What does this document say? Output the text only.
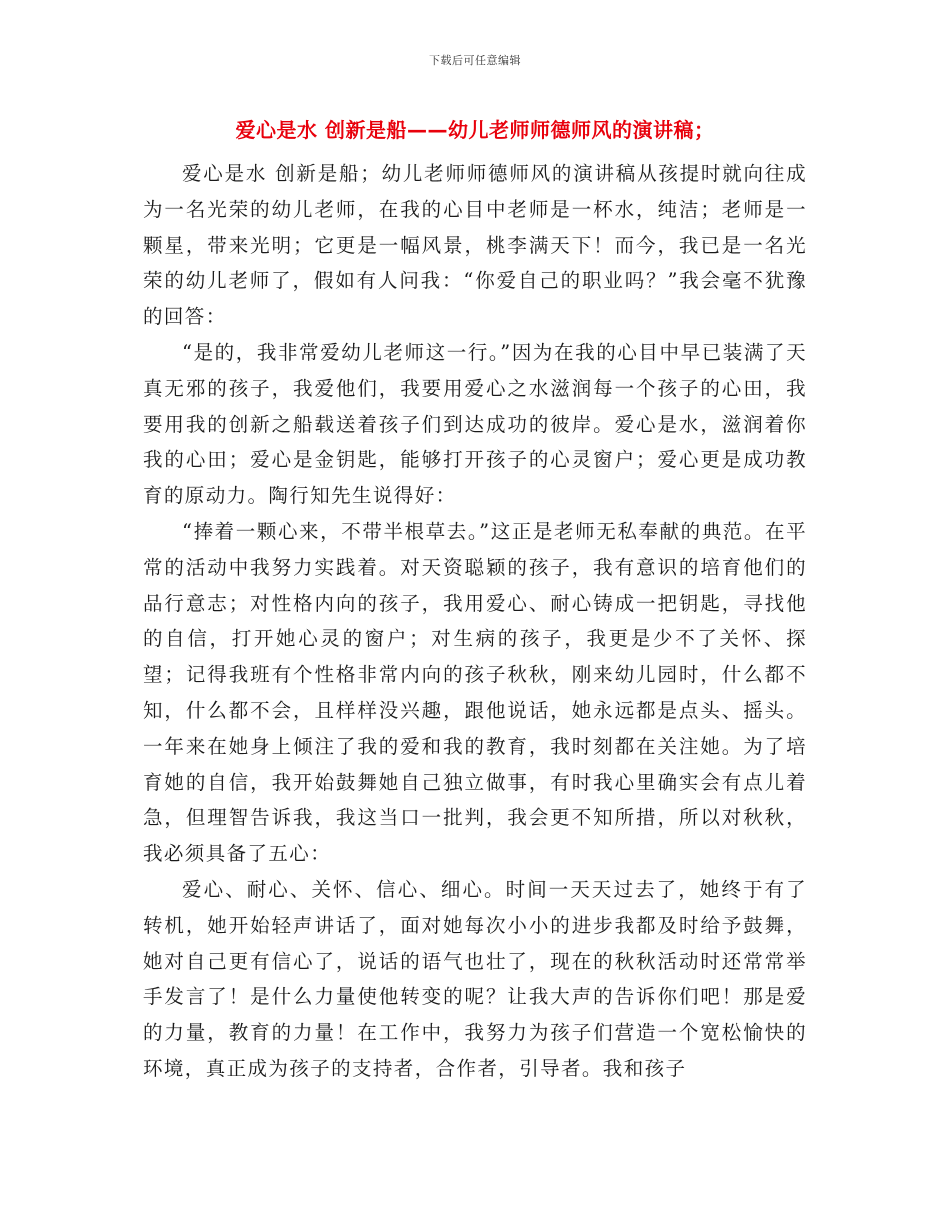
下载后可任意编辑
爱心是水 创新是船——幼儿老师师德师风的演讲稿；

爱心是水 创新是船；幼儿老师师德师风的演讲稿从孩提时就向往成为一名光荣的幼儿老师，在我的心目中老师是一杯水，纯洁；老师是一颗星，带来光明；它更是一幅风景，桃李满天下！而今，我已是一名光荣的幼儿老师了，假如有人问我：“你爱自己的职业吗？”我会毫不犹豫的回答：

“是的，我非常爱幼儿老师这一行。”因为在我的心目中早已装满了天真无邪的孩子，我爱他们，我要用爱心之水滋润每一个孩子的心田，我要用我的创新之船载送着孩子们到达成功的彼岸。爱心是水，滋润着你我的心田；爱心是金钥匙，能够打开孩子的心灵窗户；爱心更是成功教育的原动力。陶行知先生说得好：

“捧着一颗心来，不带半根草去。”这正是老师无私奉献的典范。在平常的活动中我努力实践着。对天资聪颖的孩子，我有意识的培育他们的品行意志；对性格内向的孩子，我用爱心、耐心铸成一把钥匙，寻找他的自信，打开她心灵的窗户；对生病的孩子，我更是少不了关怀、探望；记得我班有个性格非常内向的孩子秋秋，刚来幼儿园时，什么都不知，什么都不会，且样样没兴趣，跟他说话，她永远都是点头、摇头。一年来在她身上倾注了我的爱和我的教育，我时刻都在关注她。为了培育她的自信，我开始鼓舞她自己独立做事，有时我心里确实会有点儿着急，但理智告诉我，我这当口一批判，我会更不知所措，所以对秋秋，我必须具备了五心：

爱心、耐心、关怀、信心、细心。时间一天天过去了，她终于有了转机，她开始轻声讲话了，面对她每次小小的进步我都及时给予鼓舞，她对自己更有信心了，说话的语气也壮了，现在的秋秋活动时还常常举手发言了！是什么力量使他转变的呢？让我大声的告诉你们吧！那是爱的力量，教育的力量！在工作中，我努力为孩子们营造一个宽松愉快的环境，真正成为孩子的支持者，合作者，引导者。我和孩子
